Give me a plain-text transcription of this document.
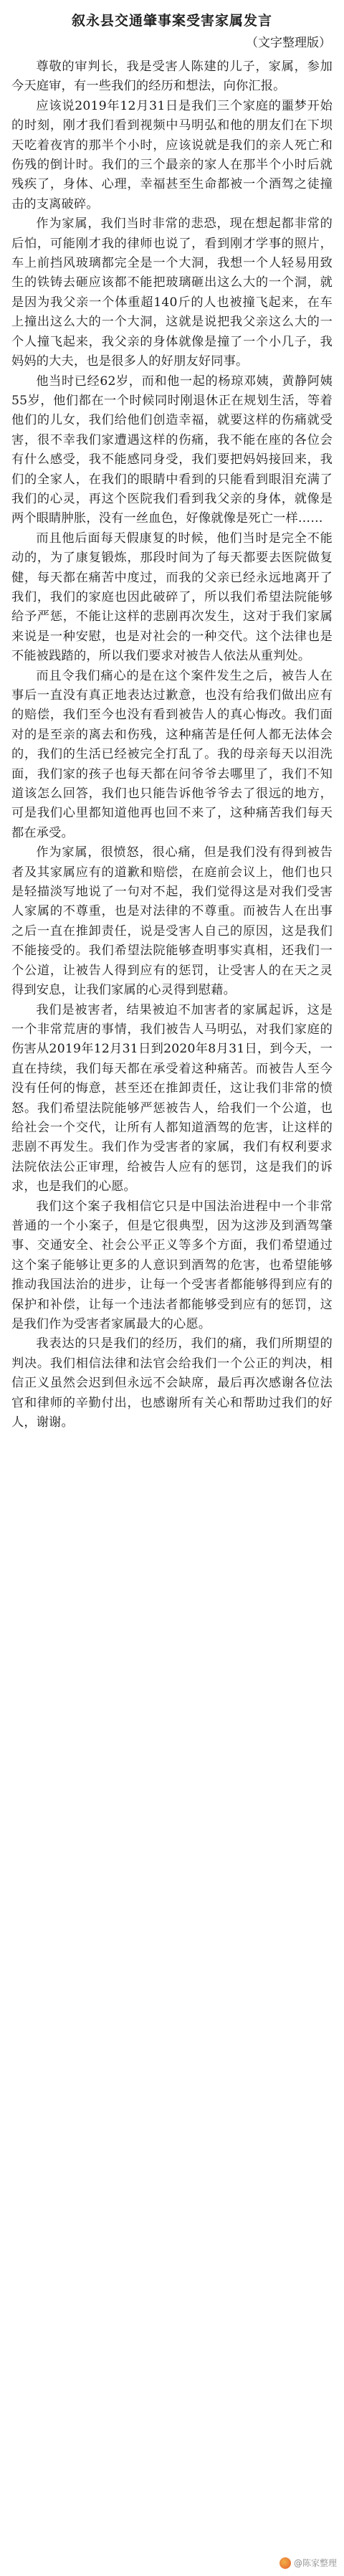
叙永县交通肇事案受害家属发言
（文字整理版）

尊敬的审判长，我是受害人陈建的儿子，家属，参加今天庭审，有一些我们的经历和想法，向你汇报。

应该说2019年12月31日是我们三个家庭的噩梦开始的时刻，刚才我们看到视频中马明弘和他的朋友们在下坝天吃着夜宵的那半个小时，应该说就是我们的亲人死亡和伤残的倒计时。我们的三个最亲的家人在那半个小时后就残疾了，身体、心理，幸福甚至生命都被一个酒驾之徒撞击的支离破碎。

作为家属，我们当时非常的悲恐，现在想起都非常的后怕，可能刚才我的律师也说了，看到刚才学事的照片，车上前挡风玻璃都完全是一个大洞，我想一个人轻易用致生的铁铸去砸应该都不能把玻璃砸出这么大的一个洞，就是因为我父亲一个体重超140斤的人也被撞飞起来，在车上撞出这么大的一个大洞，这就是说把我父亲这么大的一个人撞飞起来，我父亲的身体就像是撞了一个小几子，我妈妈的大夫，也是很多人的好朋友好同事。

他当时已经62岁，而和他一起的杨琼邓姨，黄静阿姨55岁，他们都在一个时候同时刚退休正在规划生活，等着他们的儿女，我们给他们创造幸福，就要这样的伤痛就受害，很不幸我们家遭遇这样的伤痛，我不能在座的各位会有什么感受，我不能感同身受，我们要把妈妈接回来，我们的全家人，在我们的眼睛中看到的只能看到眼泪充满了我们的心灵，再这个医院我们看到我父亲的身体，就像是两个眼睛肿胀，没有一丝血色，好像就像是死亡一样……

而且他后面每天假康复的时候，他们当时是完全不能动的，为了康复锻炼，那段时间为了每天都要去医院做复健，每天都在痛苦中度过，而我的父亲已经永远地离开了我们，我们的家庭也因此破碎了，所以我们希望法院能够给予严惩，不能让这样的悲剧再次发生，这对于我们家属来说是一种安慰，也是对社会的一种交代。这个法律也是不能被践踏的，所以我们要求对被告人依法从重判处。

而且令我们痛心的是在这个案件发生之后，被告人在事后一直没有真正地表达过歉意，也没有给我们做出应有的赔偿，我们至今也没有看到被告人的真心悔改。我们面对的是至亲的离去和伤残，这种痛苦是任何人都无法体会的，我们的生活已经被完全打乱了。我的母亲每天以泪洗面，我们家的孩子也每天都在问爷爷去哪里了，我们不知道该怎么回答，我们也只能告诉他爷爷去了很远的地方，可是我们心里都知道他再也回不来了，这种痛苦我们每天都在承受。

作为家属，很愤怒，很心痛，但是我们没有得到被告者及其家属应有的道歉和赔偿，在庭前会议上，他们也只是轻描淡写地说了一句对不起，我们觉得这是对我们受害人家属的不尊重，也是对法律的不尊重。而被告人在出事之后一直在推卸责任，说是受害人自己的原因，这是我们不能接受的。我们希望法院能够查明事实真相，还我们一个公道，让被告人得到应有的惩罚，让受害人的在天之灵得到安息，让我们家属的心灵得到慰藉。

我们是被害者，结果被迫不加害者的家属起诉，这是一个非常荒唐的事情，我们被告人马明弘，对我们家庭的伤害从2019年12月31日到2020年8月31日，到今天，一直在持续，我们每天都在承受着这种痛苦。而被告人至今没有任何的悔意，甚至还在推卸责任，这让我们非常的愤怒。我们希望法院能够严惩被告人，给我们一个公道，也给社会一个交代，让所有人都知道酒驾的危害，让这样的悲剧不再发生。我们作为受害者的家属，我们有权利要求法院依法公正审理，给被告人应有的惩罚，这是我们的诉求，也是我们的心愿。

我们这个案子我相信它只是中国法治进程中一个非常普通的一个小案子，但是它很典型，因为这涉及到酒驾肇事、交通安全、社会公平正义等多个方面，我们希望通过这个案子能够让更多的人意识到酒驾的危害，也希望能够推动我国法治的进步，让每一个受害者都能够得到应有的保护和补偿，让每一个违法者都能够受到应有的惩罚，这是我们作为受害者家属最大的心愿。

我表达的只是我们的经历，我们的痛，我们所期望的判决。我们相信法律和法官会给我们一个公正的判决，相信正义虽然会迟到但永远不会缺席，最后再次感谢各位法官和律师的辛勤付出，也感谢所有关心和帮助过我们的好人，谢谢。

@陈家整理
